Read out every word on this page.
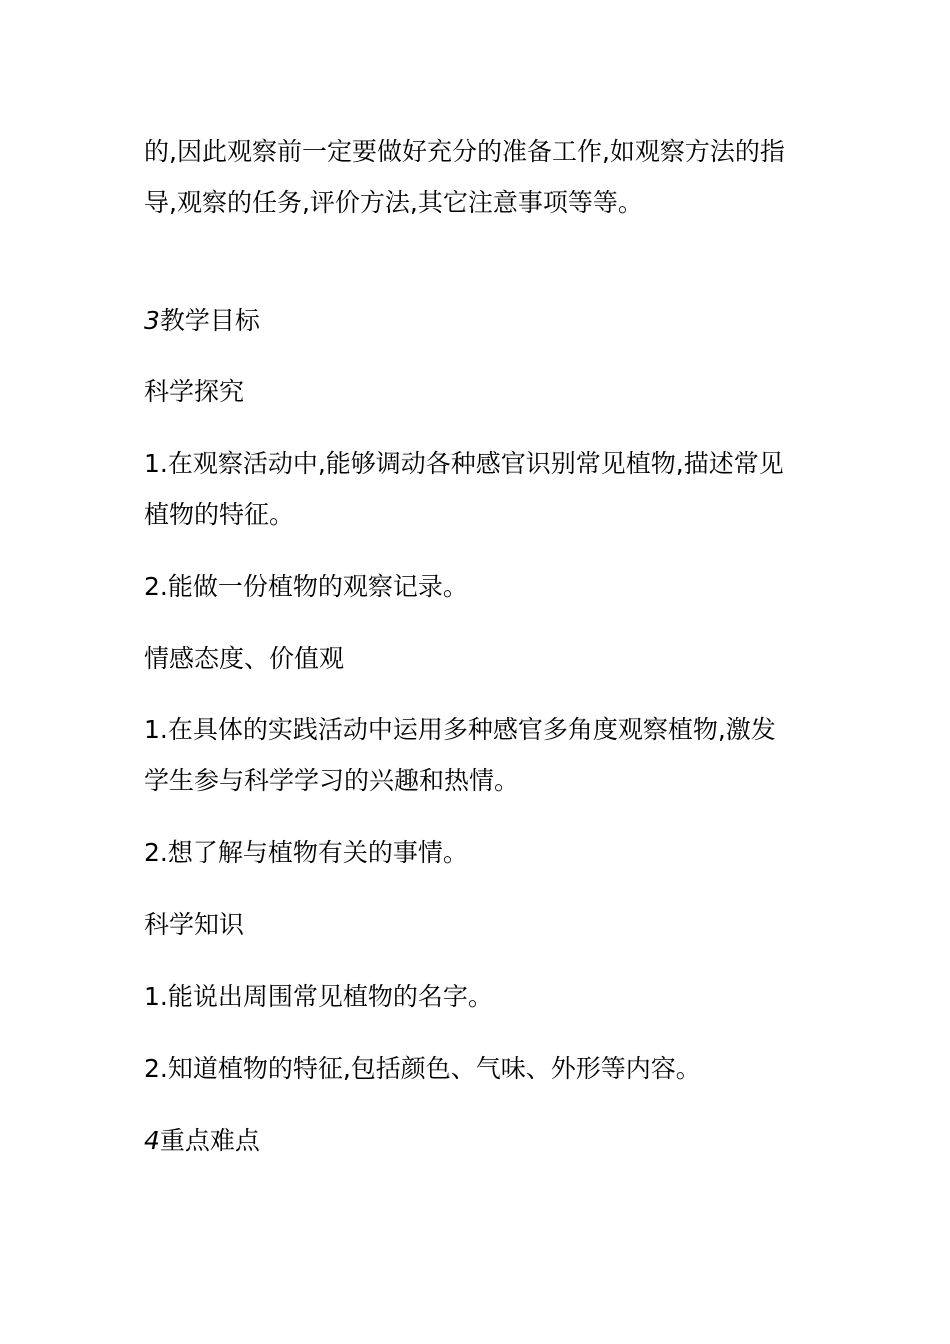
的,因此观察前一定要做好充分的准备工作,如观察方法的指
导,观察的任务,评价方法,其它注意事项等等。
3教学目标
科学探究
1.在观察活动中,能够调动各种感官识别常见植物,描述常见
植物的特征。
2.能做一份植物的观察记录。
情感态度、价值观
1.在具体的实践活动中运用多种感官多角度观察植物,激发
学生参与科学学习的兴趣和热情。
2.想了解与植物有关的事情。
科学知识
1.能说出周围常见植物的名字。
2.知道植物的特征,包括颜色、气味、外形等内容。
4重点难点
